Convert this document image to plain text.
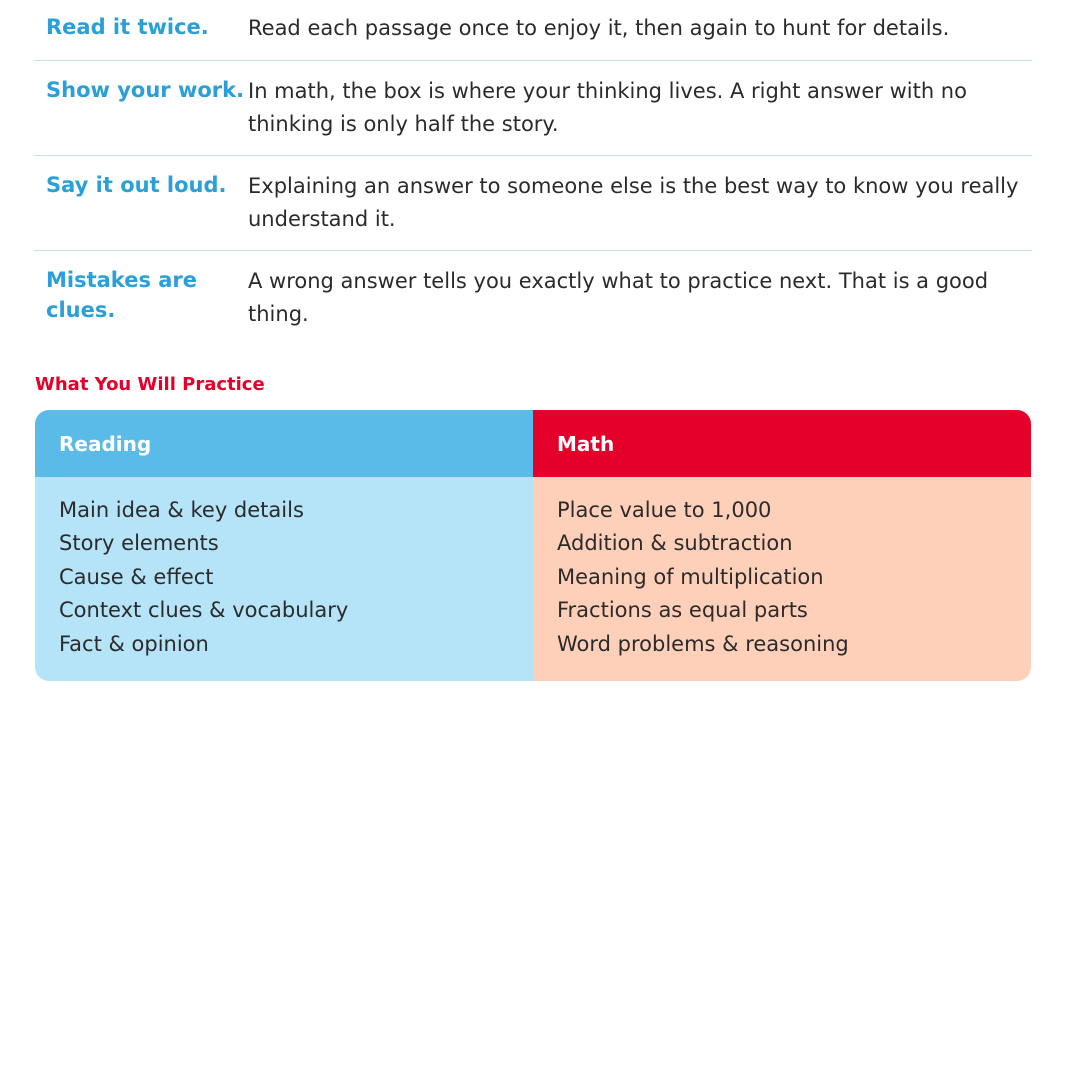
Read it twice.	Read each passage once to enjoy it, then again to hunt for details.
Show your work. In math, the box is where your thinking lives. A right answer with no thinking is only half the story.
Say it out loud.	Explaining an answer to someone else is the best way to know you really understand it.
Mistakes are clues.
A wrong answer tells you exactly what to practice next. That is a good thing.
What You Will Practice
Reading
Main idea & key details
Story elements
Cause & effect
Context clues & vocabulary
Fact & opinion
Math
Place value to 1,000
Addition & subtraction
Meaning of multiplication
Fractions as equal parts
Word problems & reasoning
